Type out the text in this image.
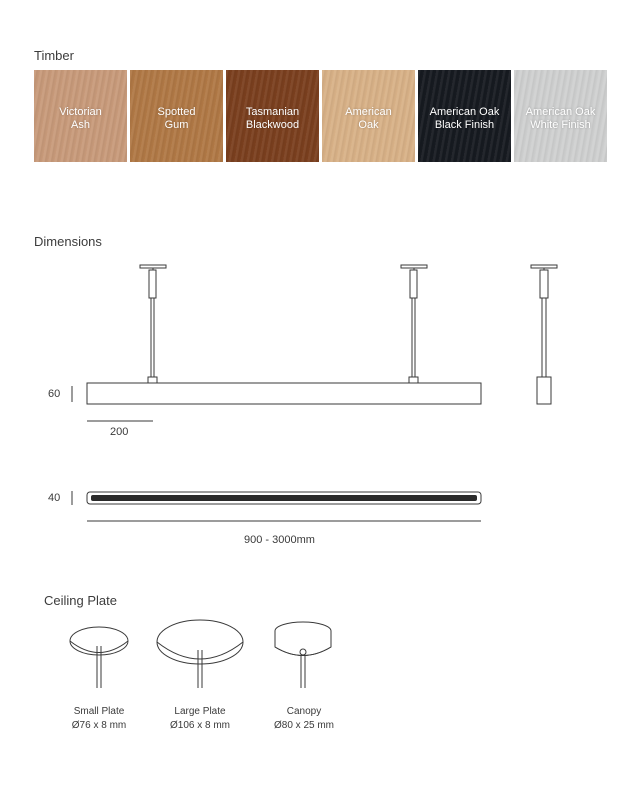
Timber
Victorian
Ash
Spotted
Gum
Tasmanian
Blackwood
American
Oak
American Oak
Black Finish
American Oak
White Finish
Dimensions
60
200
40
900 - 3000mm
Ceiling Plate
Small Plate
Ø76 x 8 mm
Large Plate
Ø106 x 8 mm
Canopy
Ø80 x 25 mm
